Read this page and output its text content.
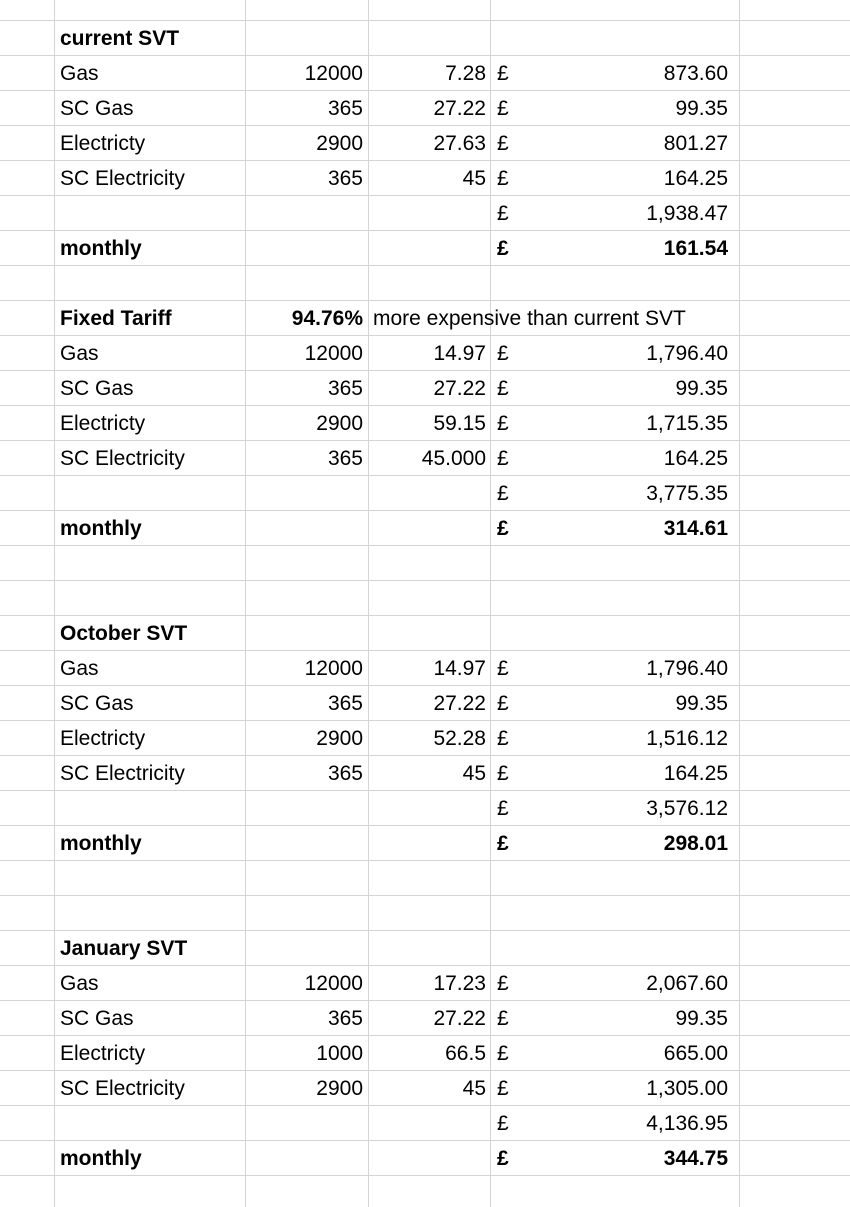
current SVT
Gas	12000	7.28 £	873.60
SC Gas	365	27.22 £	99.35
Electricty	2900	27.63 £	801.27
SC Electricity	365	45 £	164.25
£	1,938.47
monthly	£	161.54
Fixed Tariff	94.76% more expensive than current SVT
Gas	12000	14.97 £	1,796.40
SC Gas	365	27.22 £	99.35
Electricty	2900	59.15 £	1,715.35
SC Electricity	365	45.000 £	164.25
£	3,775.35
monthly	£	314.61
October SVT
Gas	12000	14.97 £	1,796.40
SC Gas	365	27.22 £	99.35
Electricty	2900	52.28 £	1,516.12
SC Electricity	365	45 £	164.25
£	3,576.12
monthly	£	298.01
January SVT
Gas	12000	17.23 £	2,067.60
SC Gas	365	27.22 £	99.35
Electricty	1000	66.5 £	665.00
SC Electricity	2900	45 £	1,305.00
£	4,136.95
monthly	£	344.75
